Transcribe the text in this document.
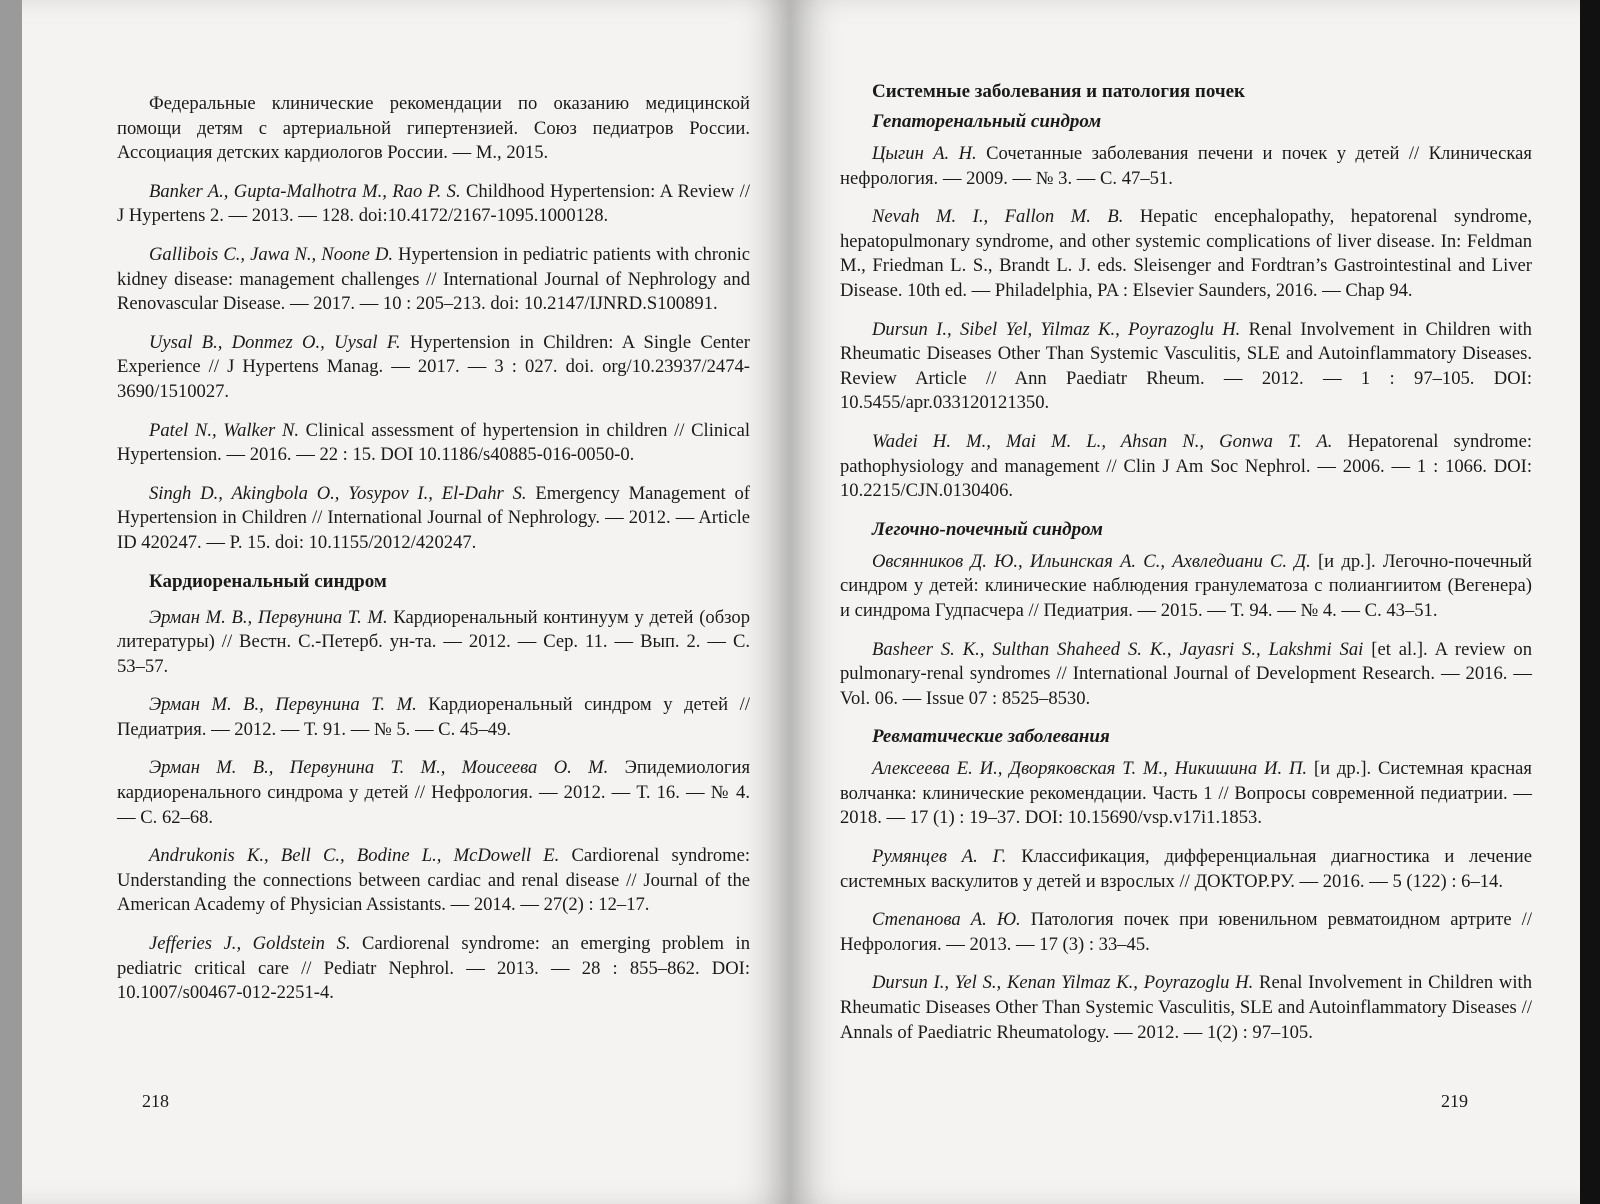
Федеральные клинические рекомендации по оказанию медицинской помощи детям с артериальной гипертензией. Союз педиатров России. Ассоциация детских кардиологов России. — М., 2015.

Banker A., Gupta-Malhotra M., Rao P. S. Childhood Hypertension: A Review // J Hypertens 2. — 2013. — 128. doi:10.4172/2167-1095.1000128.

Gallibois C., Jawa N., Noone D. Hypertension in pediatric patients with chronic kidney disease: management challenges // International Journal of Nephrology and Renovascular Disease. — 2017. — 10 : 205–213. doi: 10.2147/IJNRD.S100891.

Uysal B., Donmez O., Uysal F. Hypertension in Children: A Single Center Experience // J Hypertens Manag. — 2017. — 3 : 027. doi. org/10.23937/2474-3690/1510027.

Patel N., Walker N. Clinical assessment of hypertension in children // Clinical Hypertension. — 2016. — 22 : 15. DOI 10.1186/s40885-016-0050-0.

Singh D., Akingbola O., Yosypov I., El-Dahr S. Emergency Management of Hypertension in Children // International Journal of Nephrology. — 2012. — Article ID 420247. — P. 15. doi: 10.1155/2012/420247.

Кардиоренальный синдром

Эрман М. В., Первунина Т. М. Кардиоренальный континуум у детей (обзор литературы) // Вестн. С.-Петерб. ун-та. — 2012. — Сер. 11. — Вып. 2. — С. 53–57.

Эрман М. В., Первунина Т. М. Кардиоренальный синдром у детей // Педиатрия. — 2012. — Т. 91. — № 5. — С. 45–49.

Эрман М. В., Первунина Т. М., Моисеева О. М. Эпидемиология кардиоренального синдрома у детей // Нефрология. — 2012. — Т. 16. — № 4. — С. 62–68.

Andrukonis K., Bell C., Bodine L., McDowell E. Cardiorenal syndrome: Understanding the connections between cardiac and renal disease // Journal of the American Academy of Physician Assistants. — 2014. — 27(2) : 12–17.

Jefferies J., Goldstein S. Cardiorenal syndrome: an emerging problem in pediatric critical care // Pediatr Nephrol. — 2013. — 28 : 855–862. DOI: 10.1007/s00467-012-2251-4.

218
Системные заболевания и патология почек
Гепаторенальный синдром

Цыгин А. Н. Сочетанные заболевания печени и почек у детей // Клиническая нефрология. — 2009. — № 3. — С. 47–51.

Nevah M. I., Fallon M. B. Hepatic encephalopathy, hepatorenal syndrome, hepatopulmonary syndrome, and other systemic complications of liver disease. In: Feldman M., Friedman L. S., Brandt L. J. eds. Sleisenger and Fordtran’s Gastrointestinal and Liver Disease. 10th ed. — Philadelphia, PA : Elsevier Saunders, 2016. — Chap 94.

Dursun I., Sibel Yel, Yilmaz K., Poyrazoglu H. Renal Involvement in Children with Rheumatic Diseases Other Than Systemic Vasculitis, SLE and Autoinflammatory Diseases. Review Article // Ann Paediatr Rheum. — 2012. — 1 : 97–105. DOI: 10.5455/apr.033120121350.

Wadei H. M., Mai M. L., Ahsan N., Gonwa T. A. Hepatorenal syndrome: pathophysiology and management // Clin J Am Soc Nephrol. — 2006. — 1 : 1066. DOI: 10.2215/CJN.0130406.

Легочно-почечный синдром

Овсянников Д. Ю., Ильинская А. С., Ахвледиани С. Д. [и др.]. Легочно-почечный синдром у детей: клинические наблюдения гранулематоза с полиангиитом (Вегенера) и синдрома Гудпасчера // Педиатрия. — 2015. — Т. 94. — № 4. — С. 43–51.

Basheer S. K., Sulthan Shaheed S. K., Jayasri S., Lakshmi Sai [et al.]. A review on pulmonary-renal syndromes // International Journal of Development Research. — 2016. — Vol. 06. — Issue 07 : 8525–8530.

Ревматические заболевания

Алексеева Е. И., Дворяковская Т. М., Никишина И. П. [и др.]. Системная красная волчанка: клинические рекомендации. Часть 1 // Вопросы современной педиатрии. — 2018. — 17 (1) : 19–37. DOI: 10.15690/vsp.v17i1.1853.

Румянцев А. Г. Классификация, дифференциальная диагностика и лечение системных васкулитов у детей и взрослых // ДОКТОР.РУ. — 2016. — 5 (122) : 6–14.

Степанова А. Ю. Патология почек при ювенильном ревматоидном артрите // Нефрология. — 2013. — 17 (3) : 33–45.

Dursun I., Yel S., Kenan Yilmaz K., Poyrazoglu H. Renal Involvement in Children with Rheumatic Diseases Other Than Systemic Vasculitis, SLE and Autoinflammatory Diseases // Annals of Paediatric Rheumatology. — 2012. — 1(2) : 97–105.

219
